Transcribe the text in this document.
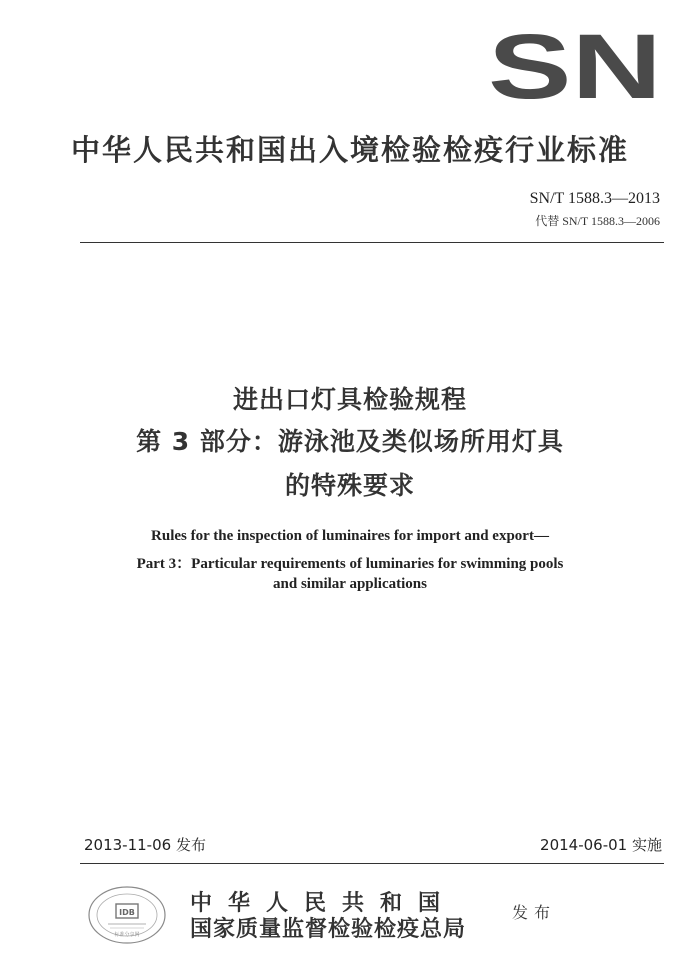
SN
中华人民共和国出入境检验检疫行业标准
SN/T 1588.3—2013
代替 SN/T 1588.3—2006
进出口灯具检验规程
第 3 部分：游泳池及类似场所用灯具
的特殊要求
Rules for the inspection of luminaires for import and export—
Part 3：Particular requirements of luminaries for swimming pools
and similar applications
2013-11-06 发布	2014-06-01 实施
IDB
标准分享网
中华人民共和国
国家质量监督检验检疫总局
发布
